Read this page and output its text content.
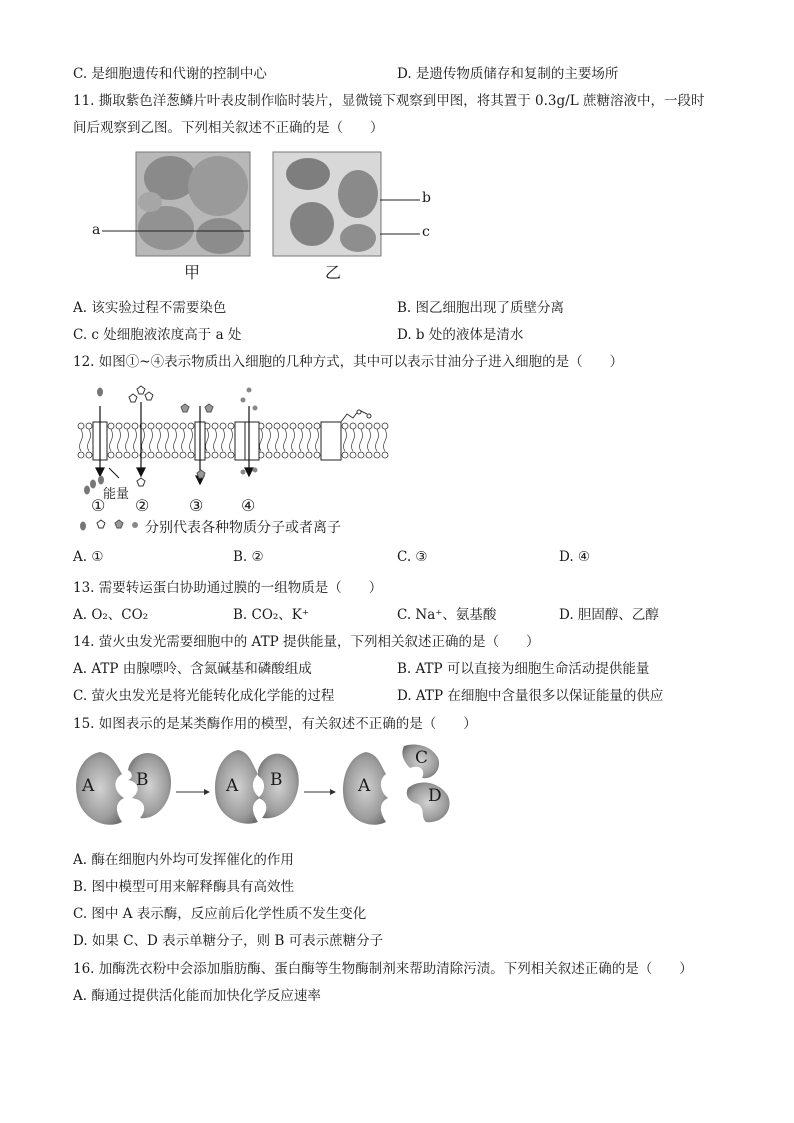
C. 是细胞遗传和代谢的控制中心	D. 是遗传物质储存和复制的主要场所
11. 撕取紫色洋葱鳞片叶表皮制作临时装片，显微镜下观察到甲图，将其置于 0.3g/L 蔗糖溶液中，一段时
间后观察到乙图。下列相关叙述不正确的是（　　）
a
b
c
甲	乙
A. 该实验过程不需要染色	B. 图乙细胞出现了质壁分离
C. c 处细胞液浓度高于 a 处	D. b 处的液体是清水
12. 如图①~④表示物质出入细胞的几种方式，其中可以表示甘油分子进入细胞的是（　　）
能量
① ② ③ ④
分别代表各种物质分子或者离子
A. ①	B. ②	C. ③	D. ④
13. 需要转运蛋白协助通过膜的一组物质是（　　）
A. O₂、CO₂	B. CO₂、K⁺	C. Na⁺、氨基酸	D. 胆固醇、乙醇
14. 萤火虫发光需要细胞中的 ATP 提供能量，下列相关叙述正确的是（　　）
A. ATP 由腺嘌呤、含氮碱基和磷酸组成	B. ATP 可以直接为细胞生命活动提供能量
C. 萤火虫发光是将光能转化成化学能的过程	D. ATP 在细胞中含量很多以保证能量的供应
15. 如图表示的是某类酶作用的模型，有关叙述不正确的是（　　）
A B	A B	A
C
D
A. 酶在细胞内外均可发挥催化的作用
B. 图中模型可用来解释酶具有高效性
C. 图中 A 表示酶，反应前后化学性质不发生变化
D. 如果 C、D 表示单糖分子，则 B 可表示蔗糖分子
16. 加酶洗衣粉中会添加脂肪酶、蛋白酶等生物酶制剂来帮助清除污渍。下列相关叙述正确的是（　　）
A. 酶通过提供活化能而加快化学反应速率
